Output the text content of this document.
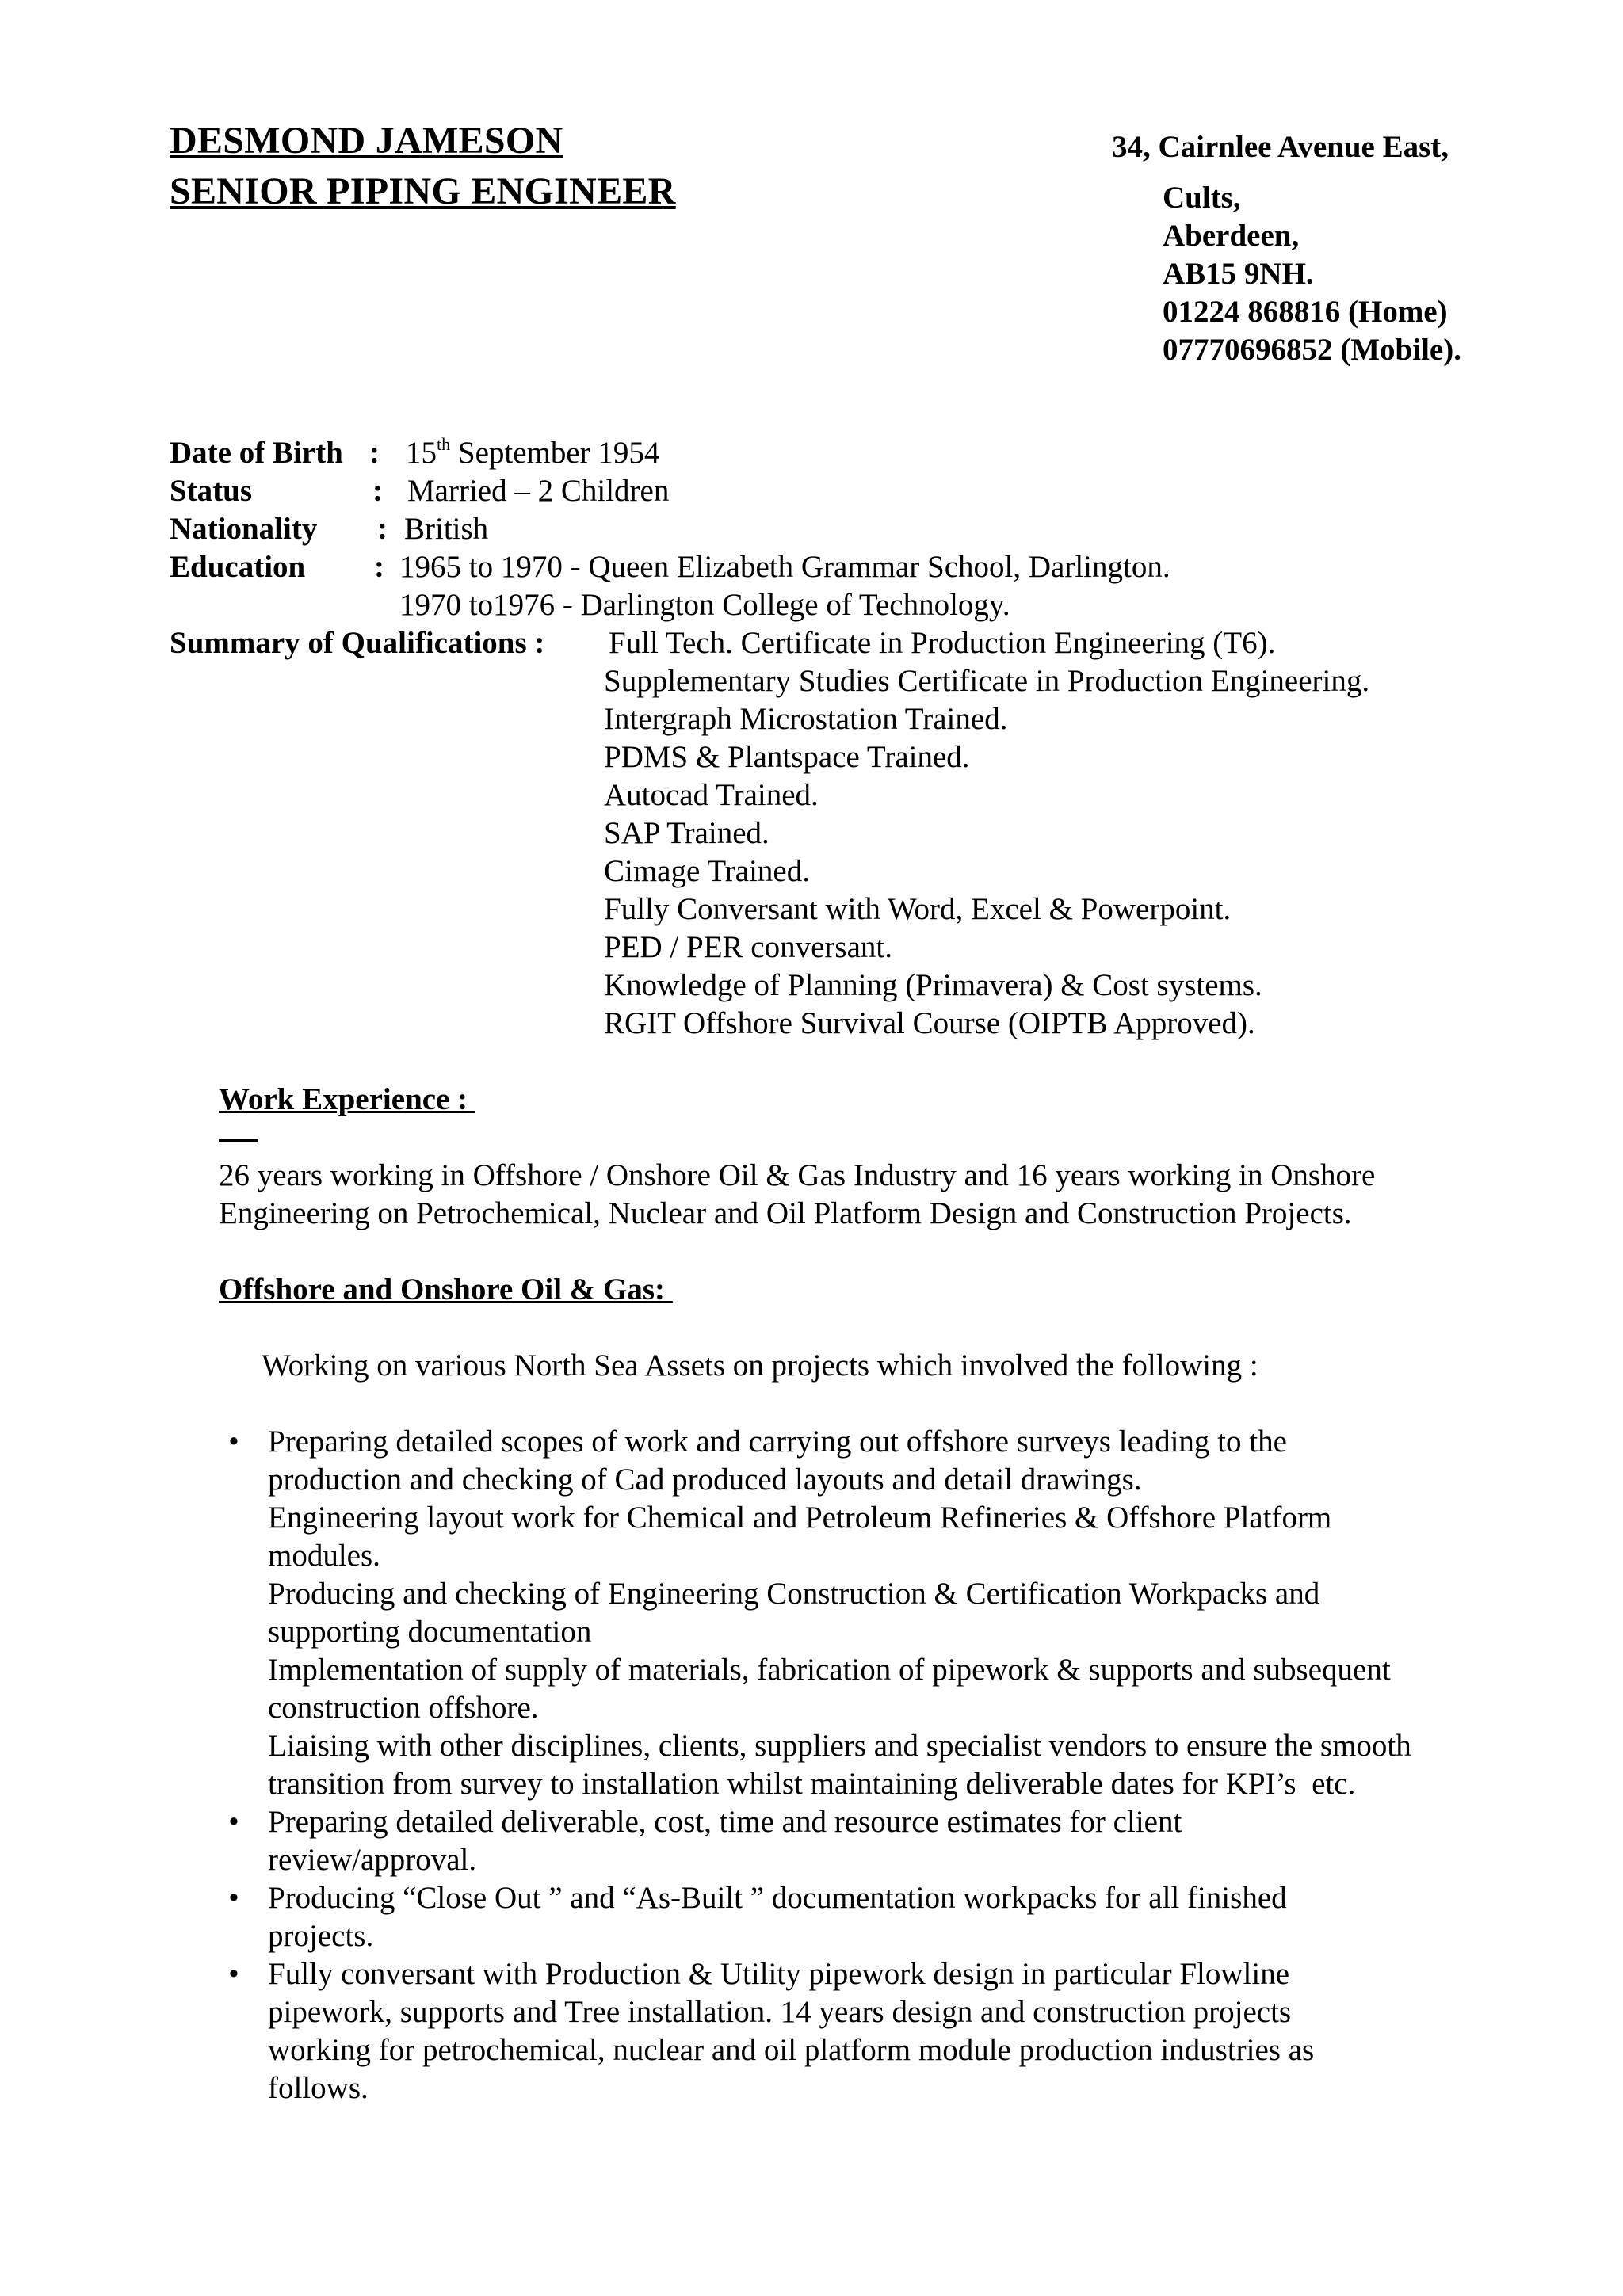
DESMOND JAMESON
SENIOR PIPING ENGINEER
34, Cairnlee Avenue East,
Cults,
Aberdeen,
AB15 9NH.
01224 868816 (Home)
07770696852 (Mobile).
Date of Birth : 15th September 1954
Status	: Married – 2 Children
Nationality : British
Education : 1965 to 1970 - Queen Elizabeth Grammar School, Darlington.
1970 to1976 - Darlington College of Technology.
Summary of Qualifications : Full Tech. Certificate in Production Engineering (T6).
Supplementary Studies Certificate in Production Engineering.
Intergraph Microstation Trained.
PDMS & Plantspace Trained.
Autocad Trained.
SAP Trained.
Cimage Trained.
Fully Conversant with Word, Excel & Powerpoint.
PED / PER conversant.
Knowledge of Planning (Primavera) & Cost systems.
RGIT Offshore Survival Course (OIPTB Approved).
Work Experience :
26 years working in Offshore / Onshore Oil & Gas Industry and 16 years working in Onshore
Engineering on Petrochemical, Nuclear and Oil Platform Design and Construction Projects.
Offshore and Onshore Oil & Gas:
Working on various North Sea Assets on projects which involved the following :
• Preparing detailed scopes of work and carrying out offshore surveys leading to the
production and checking of Cad produced layouts and detail drawings.
Engineering layout work for Chemical and Petroleum Refineries & Offshore Platform
modules.
Producing and checking of Engineering Construction & Certification Workpacks and
supporting documentation
Implementation of supply of materials, fabrication of pipework & supports and subsequent
construction offshore.
Liaising with other disciplines, clients, suppliers and specialist vendors to ensure the smooth
transition from survey to installation whilst maintaining deliverable dates for KPI’s  etc.
• Preparing detailed deliverable, cost, time and resource estimates for client
review/approval.
• Producing “Close Out ” and “As-Built ” documentation workpacks for all finished
projects.
• Fully conversant with Production & Utility pipework design in particular Flowline
pipework, supports and Tree installation. 14 years design and construction projects
working for petrochemical, nuclear and oil platform module production industries as
follows.
